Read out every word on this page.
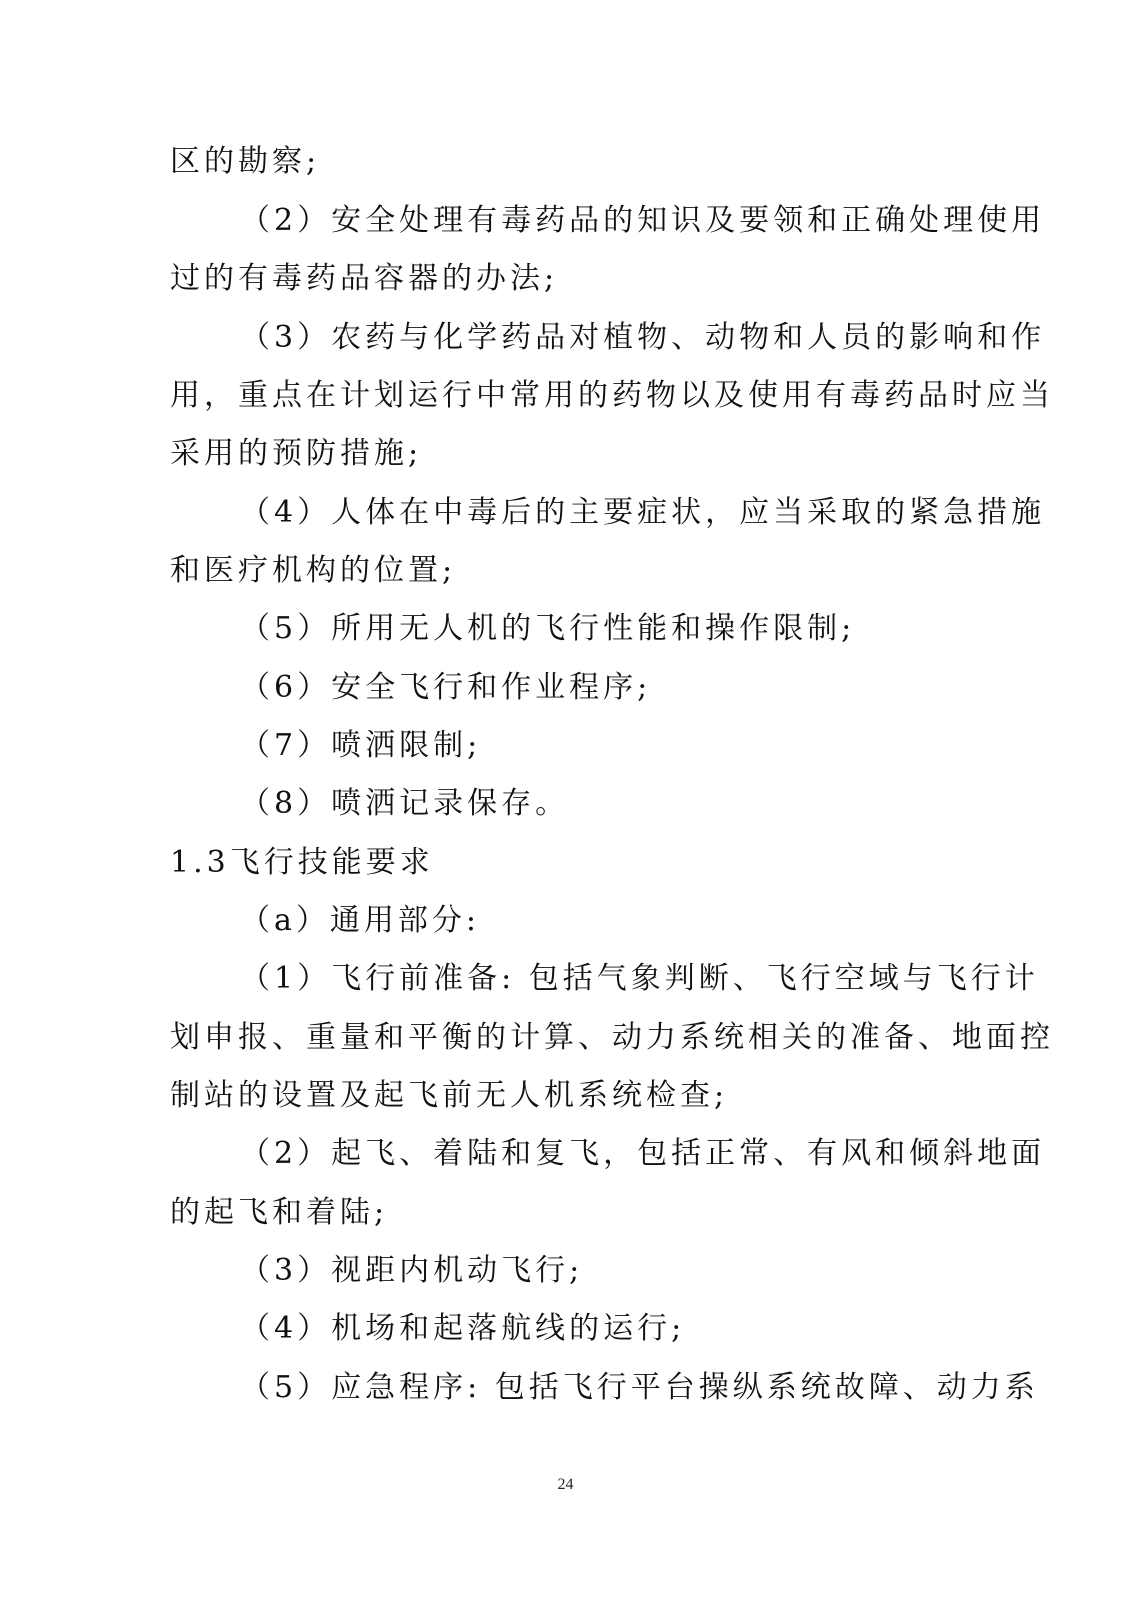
区的勘察;
（2）安全处理有毒药品的知识及要领和正确处理使用
过的有毒药品容器的办法;
（3）农药与化学药品对植物、动物和人员的影响和作
用，重点在计划运行中常用的药物以及使用有毒药品时应当
采用的预防措施;
（4）人体在中毒后的主要症状，应当采取的紧急措施
和医疗机构的位置;
（5）所用无人机的飞行性能和操作限制;
（6）安全飞行和作业程序;
（7）喷洒限制;
（8）喷洒记录保存。
1.3飞行技能要求
（a）通用部分:
（1）飞行前准备: 包括气象判断、飞行空域与飞行计
划申报、重量和平衡的计算、动力系统相关的准备、地面控
制站的设置及起飞前无人机系统检查;
（2）起飞、着陆和复飞，包括正常、有风和倾斜地面
的起飞和着陆;
（3）视距内机动飞行;
（4）机场和起落航线的运行;
（5）应急程序: 包括飞行平台操纵系统故障、动力系
24
